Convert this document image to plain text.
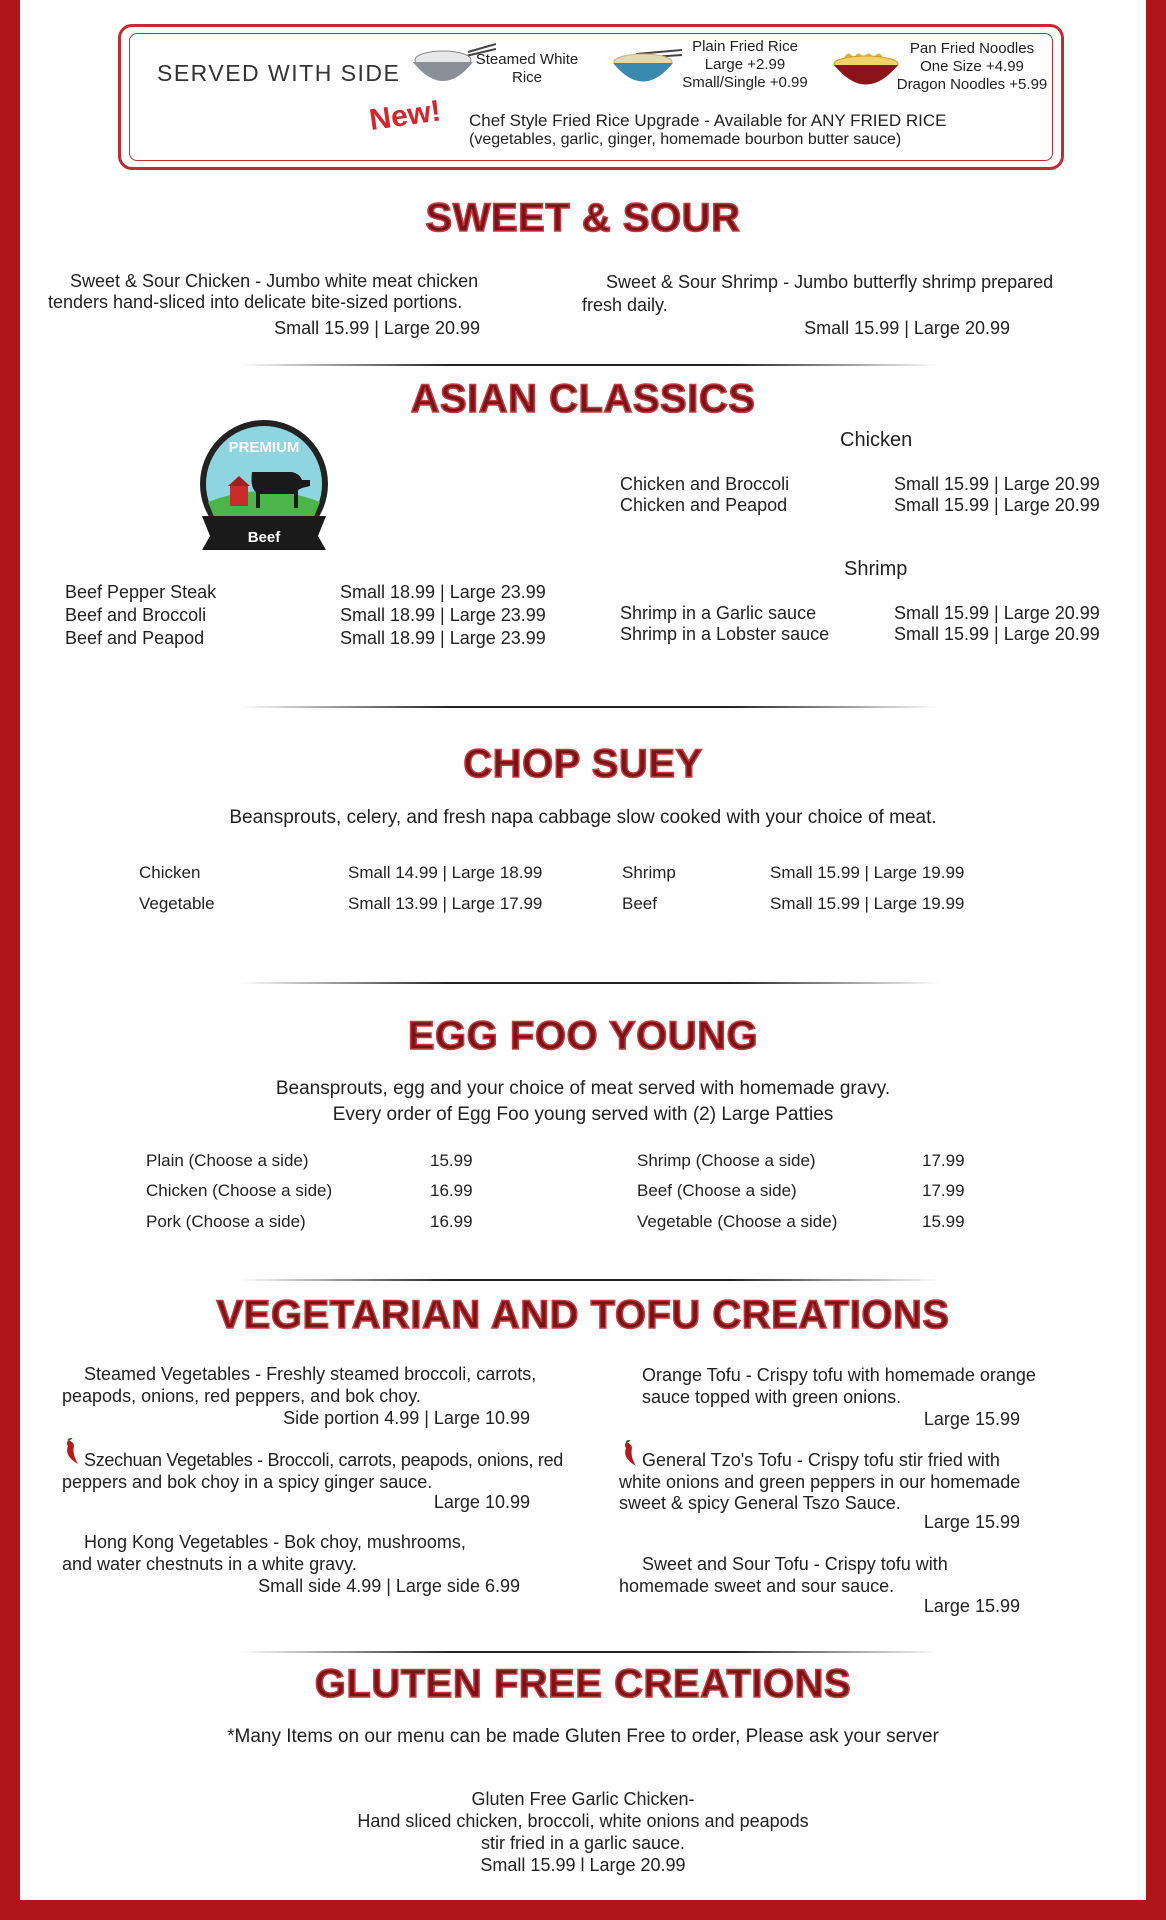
SERVED WITH SIDE
Steamed White
Rice
Plain Fried Rice
Large +2.99
Small/Single +0.99
Pan Fried Noodles
One Size +4.99
Dragon Noodles +5.99
New! Chef Style Fried Rice Upgrade - Available for ANY FRIED RICE
(vegetables, garlic, ginger, homemade bourbon butter sauce)
SWEET & SOUR
Sweet & Sour Chicken - Jumbo white meat chicken
tenders hand-sliced into delicate bite-sized portions.
Small 15.99 | Large 20.99
Sweet & Sour Shrimp - Jumbo butterfly shrimp prepared
fresh daily.
Small 15.99 | Large 20.99
ASIAN CLASSICS
Beef
PREMIUM
Beef Pepper Steak	Small 18.99 | Large 23.99
Beef and Broccoli	Small 18.99 | Large 23.99
Beef and Peapod	Small 18.99 | Large 23.99
Chicken
Chicken and Broccoli	Small 15.99 | Large 20.99
Chicken and Peapod	Small 15.99 | Large 20.99
Shrimp
Shrimp in a Garlic sauce	Small 15.99 | Large 20.99
Shrimp in a Lobster sauce	Small 15.99 | Large 20.99
CHOP SUEY
Beansprouts, celery, and fresh napa cabbage slow cooked with your choice of meat.
Chicken	Small 14.99 | Large 18.99
Vegetable	Small 13.99 | Large 17.99
Shrimp	Small 15.99 | Large 19.99
Beef	Small 15.99 | Large 19.99
EGG FOO YOUNG
Beansprouts, egg and your choice of meat served with homemade gravy.
Every order of Egg Foo young served with (2) Large Patties
Plain (Choose a side)	15.99
Chicken (Choose a side)	16.99
Pork (Choose a side)	16.99
Shrimp (Choose a side)	17.99
Beef (Choose a side)	17.99
Vegetable (Choose a side)	15.99
VEGETARIAN AND TOFU CREATIONS
Steamed Vegetables - Freshly steamed broccoli, carrots,
peapods, onions, red peppers, and bok choy.
Side portion 4.99 | Large 10.99
Szechuan Vegetables - Broccoli, carrots, peapods, onions, red
peppers and bok choy in a spicy ginger sauce.
Large 10.99
Hong Kong Vegetables - Bok choy, mushrooms,
and water chestnuts in a white gravy.
Small side 4.99 | Large side 6.99
Orange Tofu - Crispy tofu with homemade orange
sauce topped with green onions.
Large 15.99
General Tzo's Tofu - Crispy tofu stir fried with
white onions and green peppers in our homemade
sweet & spicy General Tszo Sauce.
Large 15.99
Sweet and Sour Tofu - Crispy tofu with
homemade sweet and sour sauce.
Large 15.99
GLUTEN FREE CREATIONS
*Many Items on our menu can be made Gluten Free to order, Please ask your server
Gluten Free Garlic Chicken-
Hand sliced chicken, broccoli, white onions and peapods
stir fried in a garlic sauce.
Small 15.99 l Large 20.99
